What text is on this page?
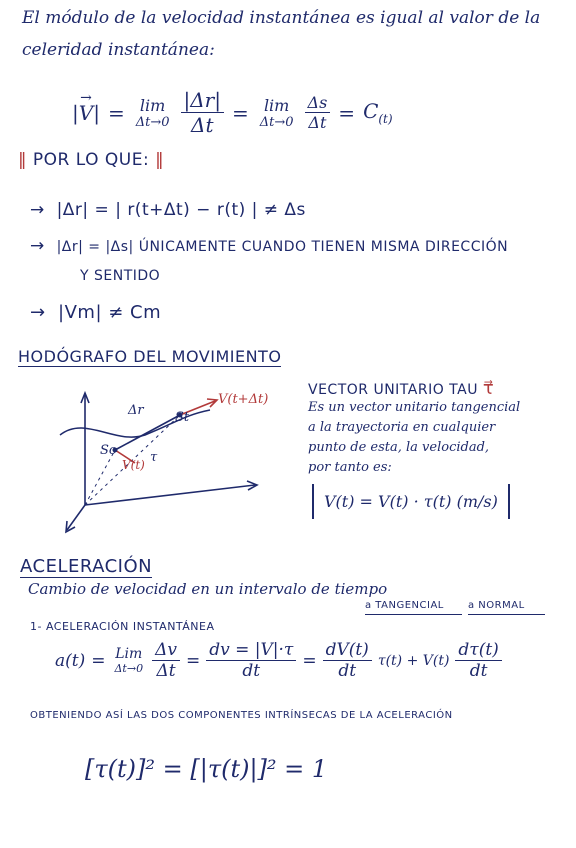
El módulo de la velocidad instantánea es igual al valor de la
celeridad instantánea:
|→ V| = lim
$\Delta t\to 0 \frac{|\Delta r|}{\Delta t} = \lim$
$\Delta t\to 0 \frac{\Delta s}{\Delta t} = C_{(t)}$
‖ POR LO QUE: ‖
→  |Δr| = | r(t+Δt) − r(t) | ≠ Δs
→  |Δr| = |Δs| ÚNICAMENTE CUANDO TIENEN MISMA DIRECCIÓN
Y SENTIDO
→  |Vm| ≠ Cm
HODÓGRAFO DEL MOVIMIENTO
Δr
V(t+Δt)
St
So
V(t) τ
VECTOR UNITARIO TAU τ⃗
Es un vector unitario tangencial
a la trayectoria en cualquier
punto de esta, la velocidad,
por tanto es:
V(t) = V(t) · τ(t) (m/s)
ACELERACIÓN
Cambio de velocidad en un intervalo de tiempo
1- ACELERACIÓN INSTANTÁNEA
a TANGENCIAL	a NORMAL
a(t) = Lim
$\Delta t\to 0 \frac{\Delta v}{\Delta t} = \frac{dv = |V|\cdot\tau}{dt} = \frac{dV(t)}{dt} \tau(t) + V(t) \frac{d\tau(t)}{dt}$
OBTENIENDO ASÍ LAS DOS COMPONENTES INTRÍNSECAS DE LA ACELERACIÓN
[τ(t)]² = [|τ(t)|]² = 1
